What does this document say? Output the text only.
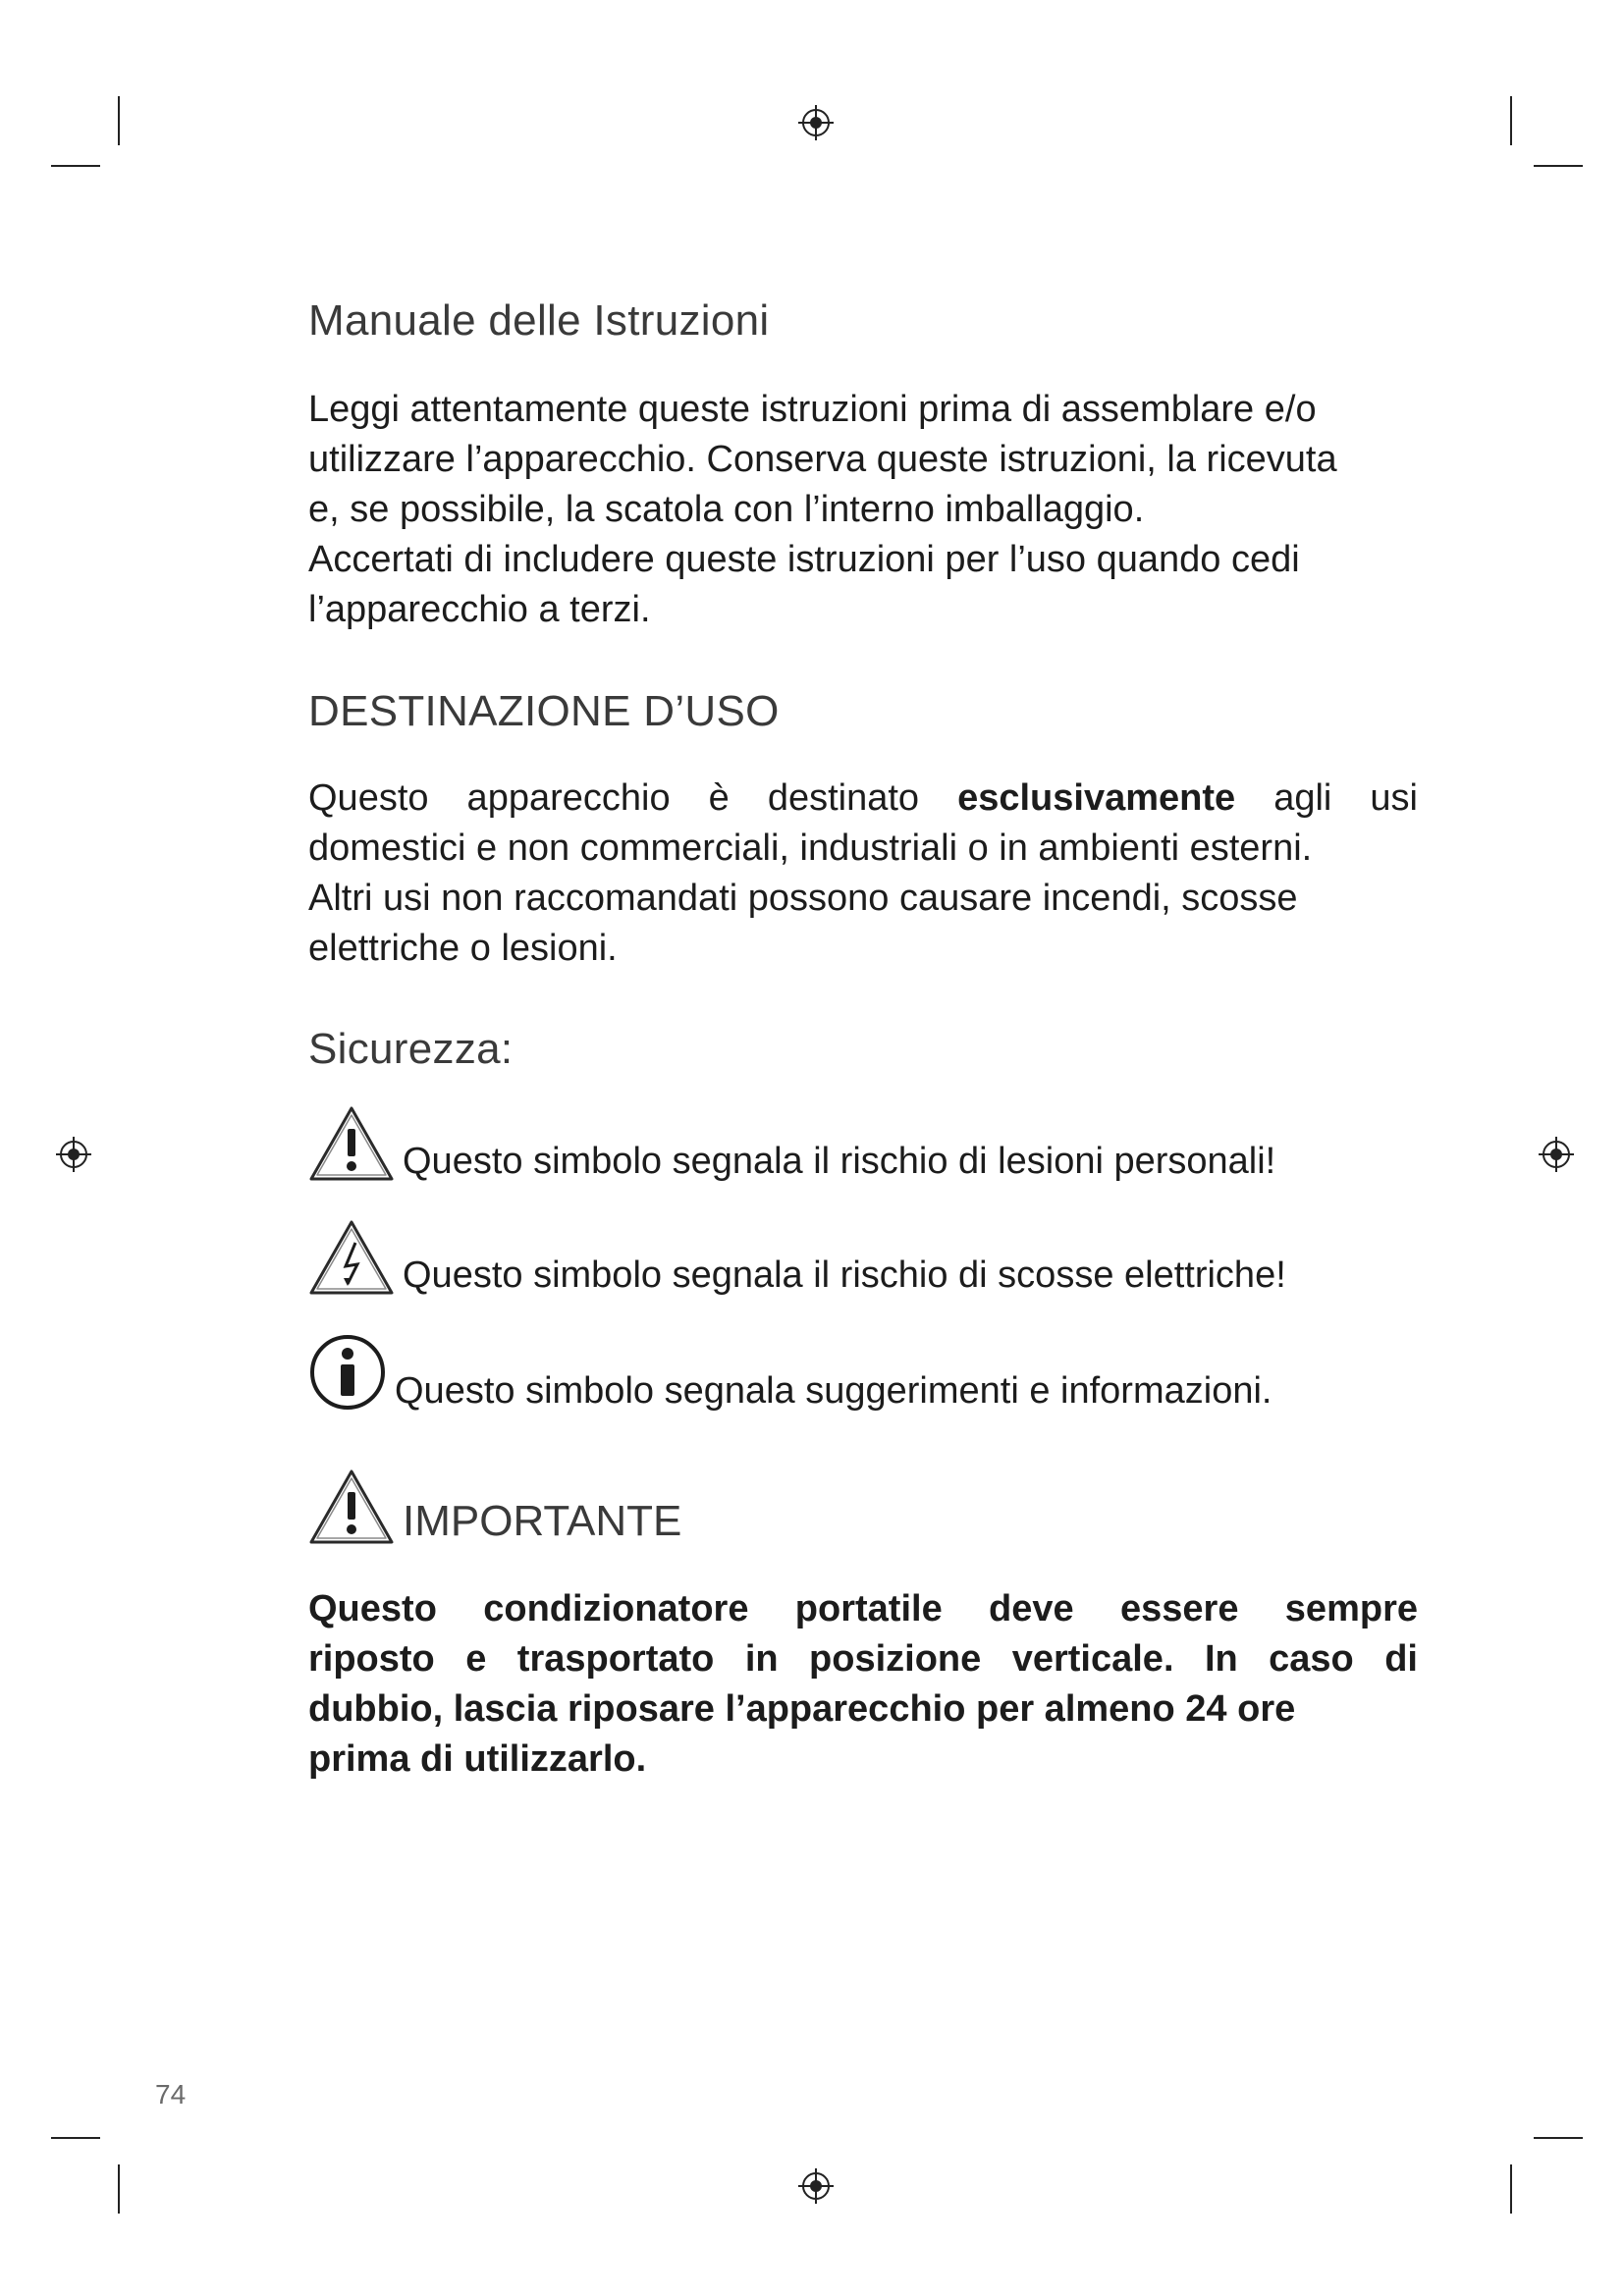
Manuale delle Istruzioni
Leggi attentamente queste istruzioni prima di assemblare e/o
utilizzare l’apparecchio. Conserva queste istruzioni, la ricevuta
e, se possibile, la scatola con l’interno imballaggio.
Accertati di includere queste istruzioni per l’uso quando cedi
l’apparecchio a terzi.
DESTINAZIONE D’USO
Questo apparecchio è destinato esclusivamente agli usi
domestici e non commerciali, industriali o in ambienti esterni.
Altri usi non raccomandati possono causare incendi, scosse
elettriche o lesioni.
Sicurezza:
Questo simbolo segnala il rischio di lesioni personali!
Questo simbolo segnala il rischio di scosse elettriche!
Questo simbolo segnala suggerimenti e informazioni.
IMPORTANTE
Questo condizionatore portatile deve essere sempre
riposto e trasportato in posizione verticale. In caso di
dubbio, lascia riposare l’apparecchio per almeno 24 ore
prima di utilizzarlo.
74
